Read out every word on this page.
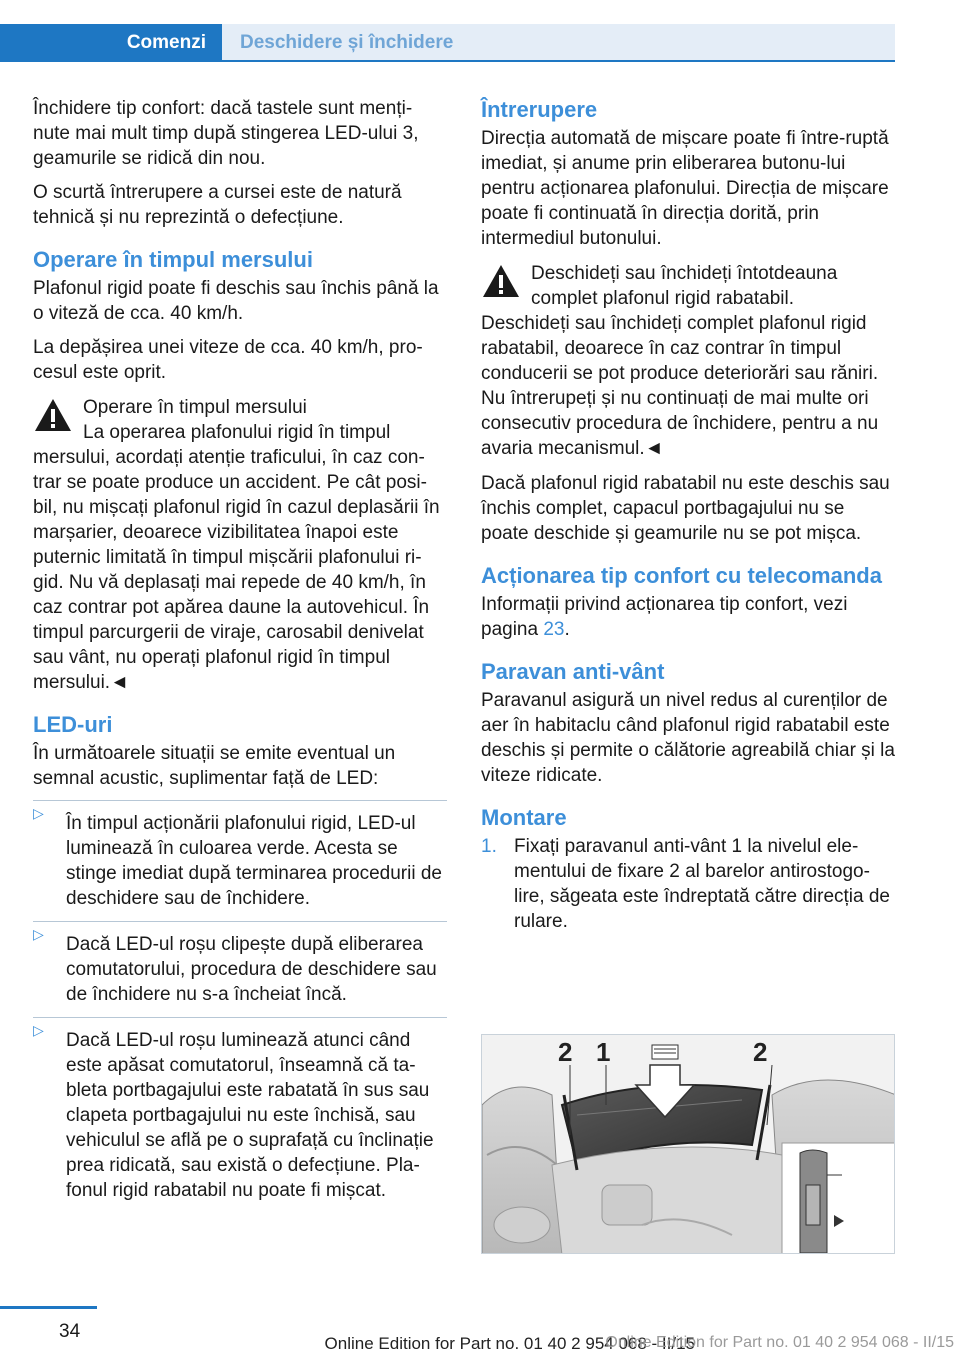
Comenzi	Deschidere și închidere

Închidere tip confort: dacă tastele sunt menți‐nute mai mult timp după stingerea LED-ului 3, geamurile se ridică din nou.

O scurtă întrerupere a cursei este de natură tehnică și nu reprezintă o defecțiune.

Operare în timpul mersului

Plafonul rigid poate fi deschis sau închis până la o viteză de cca. 40 km/h.

La depășirea unei viteze de cca. 40 km/h, pro‐cesul este oprit.

Operare în timpul mersului

La operarea plafonului rigid în timpul mersului, acordați atenție traficului, în caz con‐trar se poate produce un accident. Pe cât posi‐bil, nu mișcați plafonul rigid în cazul deplasării în marșarier, deoarece vizibilitatea înapoi este puternic limitată în timpul mișcării plafonului ri‐gid. Nu vă deplasați mai repede de 40 km/h, în caz contrar pot apărea daune la autovehicul. În timpul parcurgerii de viraje, carosabil denivelat sau vânt, nu operați plafonul rigid în timpul mersului.◄

LED-uri

În următoarele situații se emite eventual un semnal acustic, suplimentar față de LED:

▷ În timpul acționării plafonului rigid, LED-ul luminează în culoarea verde. Acesta se stinge imediat după terminarea procedurii de deschidere sau de închidere.
▷ Dacă LED-ul roșu clipește după eliberarea comutatorului, procedura de deschidere sau de închidere nu s-a încheiat încă.
▷ Dacă LED-ul roșu luminează atunci când este apăsat comutatorul, înseamnă că ta‐bleta portbagajului este rabatată în sus sau clapeta portbagajului nu este închisă, sau vehiculul se află pe o suprafață cu înclinație prea ridicată, sau există o defecțiune. Pla‐fonul rigid rabatabil nu poate fi mișcat.
Întrerupere

Direcția automată de mișcare poate fi între‐ruptă imediat, și anume prin eliberarea butonu‐lui pentru acționarea plafonului. Direcția de mișcare poate fi continuată în direcția dorită, prin intermediul butonului.

Deschideți sau închideți întotdeauna complet plafonul rigid rabatabil.

Deschideți sau închideți complet plafonul rigid rabatabil, deoarece în caz contrar în timpul conducerii se pot produce deteriorări sau răniri. Nu întrerupeți și nu continuați de mai multe ori consecutiv procedura de închidere, pentru a nu avaria mecanismul.◄

Dacă plafonul rigid rabatabil nu este deschis sau închis complet, capacul portbagajului nu se poate deschide și geamurile nu se pot mișca.

Acționarea tip confort cu telecomanda

Informații privind acționarea tip confort, vezi pagina 23.

Paravan anti-vânt

Paravanul asigură un nivel redus al curenților de aer în habitaclu când plafonul rigid rabatabil este deschis și permite o călătorie agreabilă chiar și la viteze ridicate.

Montare
1. Fixați paravanul anti-vânt 1 la nivelul ele‐mentului de fixare 2 al barelor antirostogo‐lire, săgeata este îndreptată către direcția de rulare.
2 1	2
34
Online Edition for Part no. 01 40 2 954 068 - II/15
Online Edition for Part no. 01 40 2 954 068 - II/15
